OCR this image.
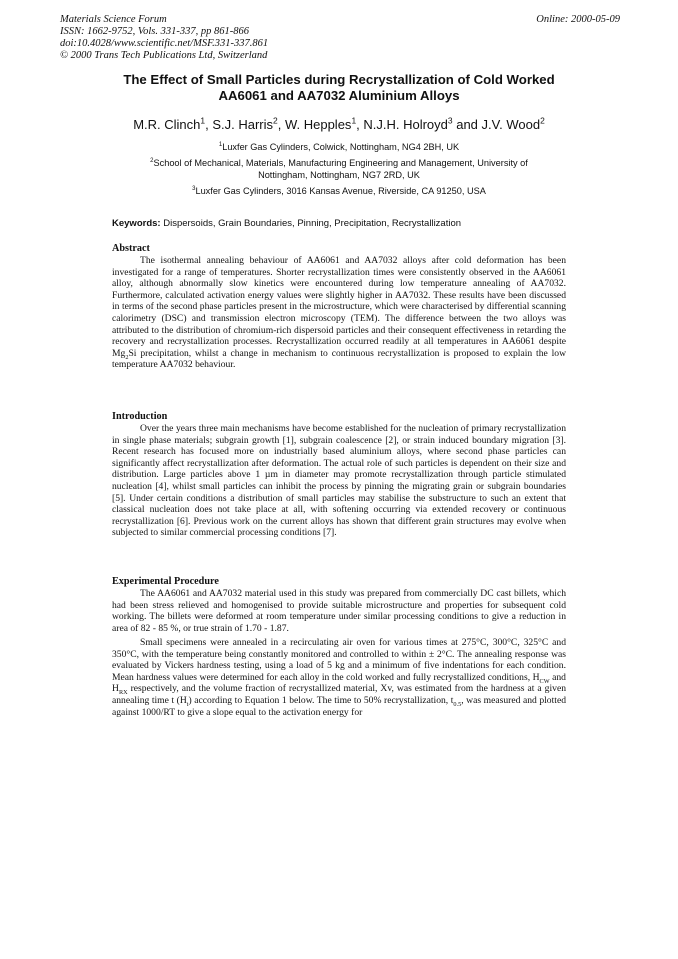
Materials Science Forum
ISSN: 1662-9752, Vols. 331-337, pp 861-866
doi:10.4028/www.scientific.net/MSF.331-337.861
© 2000 Trans Tech Publications Ltd, Switzerland
Online: 2000-05-09
The Effect of Small Particles during Recrystallization of Cold Worked
AA6061 and AA7032 Aluminium Alloys
M.R. Clinch$^1$, S.J. Harris$^2$, W. Hepples$^1$, N.J.H. Holroyd$^3$ and J.V. Wood$^2$
$^1$Luxfer Gas Cylinders, Colwick, Nottingham, NG4 2BH, UK
$^2$School of Mechanical, Materials, Manufacturing Engineering and Management, University of
Nottingham, Nottingham, NG7 2RD, UK
$^3$Luxfer Gas Cylinders, 3016 Kansas Avenue, Riverside, CA 91250, USA
Keywords: Dispersoids, Grain Boundaries, Pinning, Precipitation, Recrystallization
Abstract
The isothermal annealing behaviour of AA6061 and AA7032 alloys after cold deformation has been investigated for a range of temperatures. Shorter recrystallization times were consistently observed in the AA6061 alloy, although abnormally slow kinetics were encountered during low temperature annealing of AA7032. Furthermore, calculated activation energy values were slightly higher in AA7032. These results have been discussed in terms of the second phase particles present in the microstructure, which were characterised by differential scanning calorimetry (DSC) and transmission electron microscopy (TEM). The difference between the two alloys was attributed to the distribution of chromium-rich dispersoid particles and their consequent effectiveness in retarding the recovery and recrystallization processes. Recrystallization occurred readily at all temperatures in AA6061 despite $Mg_2Si$ precipitation, whilst a change in mechanism to continuous recrystallization is proposed to explain the low temperature AA7032 behaviour.
Introduction
Over the years three main mechanisms have become established for the nucleation of primary recrystallization in single phase materials; subgrain growth [1], subgrain coalescence [2], or strain induced boundary migration [3]. Recent research has focused more on industrially based aluminium alloys, where second phase particles can significantly affect recrystallization after deformation. The actual role of such particles is dependent on their size and distribution. Large particles above 1 µm in diameter may promote recrystallization through particle stimulated nucleation [4], whilst small particles can inhibit the process by pinning the migrating grain or subgrain boundaries [5]. Under certain conditions a distribution of small particles may stabilise the substructure to such an extent that classical nucleation does not take place at all, with softening occurring via extended recovery or continuous recrystallization [6]. Previous work on the current alloys has shown that different grain structures may evolve when subjected to similar commercial processing conditions [7].
Experimental Procedure
The AA6061 and AA7032 material used in this study was prepared from commercially DC cast billets, which had been stress relieved and homogenised to provide suitable microstructure and properties for subsequent cold working. The billets were deformed at room temperature under similar processing conditions to give a reduction in area of 82 - 85 %, or true strain of 1.70 - 1.87.
Small specimens were annealed in a recirculating air oven for various times at 275°C, 300°C, 325°C and 350°C, with the temperature being constantly monitored and controlled to within ± 2°C. The annealing response was evaluated by Vickers hardness testing, using a load of 5 kg and a minimum of five indentations for each condition. Mean hardness values were determined for each alloy in the cold worked and fully recrystallized conditions, $H_{CW}$ and $H_{RX}$ respectively, and the volume fraction of recrystallized material, Xv, was estimated from the hardness at a given annealing time t $(H_t)$ according to Equation 1 below. The time to 50% recrystallization, $t_{0.5}$, was measured and plotted against 1000/RT to give a slope equal to the activation energy for
